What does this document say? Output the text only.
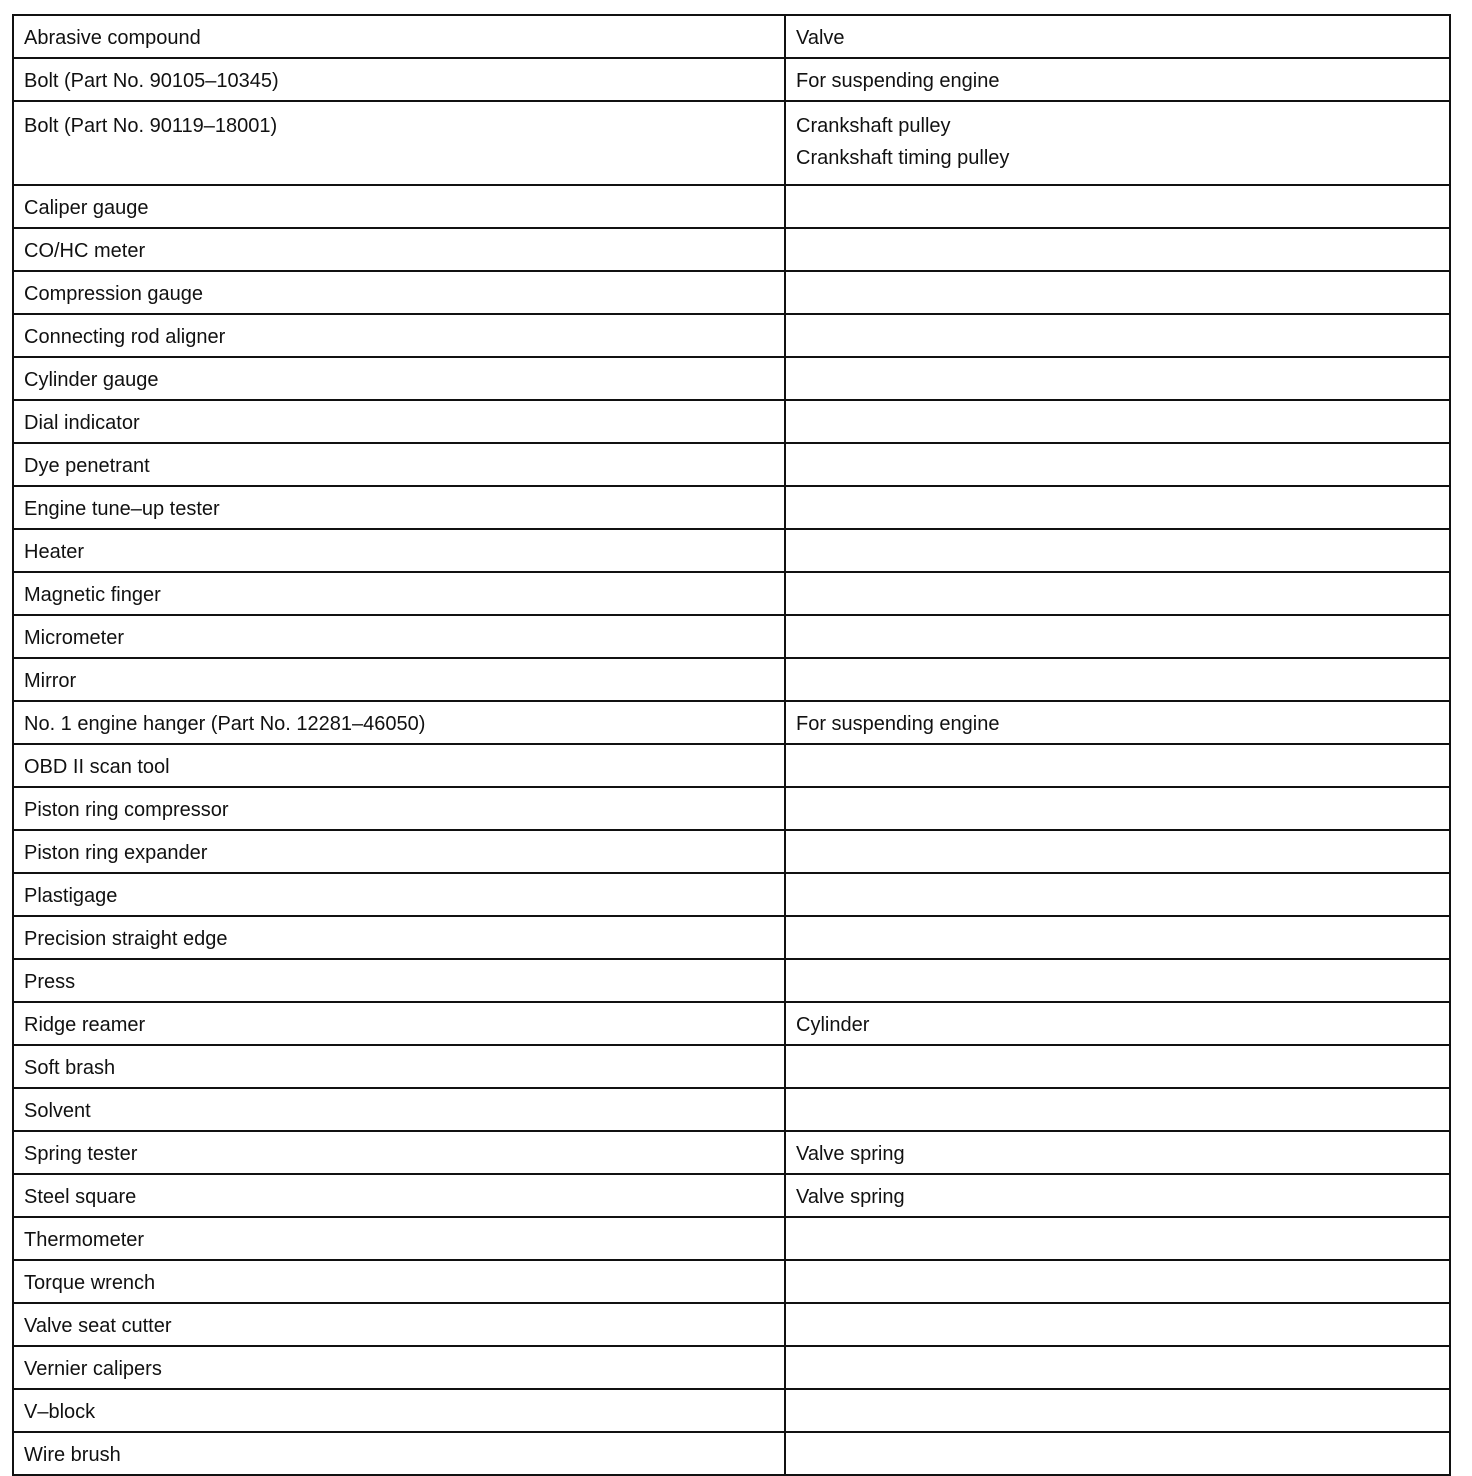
Abrasive compound	Valve

Bolt (Part No. 90105–10345)	For suspending engine

Bolt (Part No. 90119–18001)	Crankshaft pulley
Crankshaft timing pulley

Caliper gauge	
CO/HC meter	
Compression gauge	
Connecting rod aligner	
Cylinder gauge	
Dial indicator	
Dye penetrant	
Engine tune–up tester	
Heater	
Magnetic finger	
Micrometer	
Mirror	
No. 1 engine hanger (Part No. 12281–46050)	For suspending engine

OBD II scan tool	
Piston ring compressor	
Piston ring expander	
Plastigage	
Precision straight edge	
Press	
Ridge reamer	Cylinder

Soft brash	
Solvent	
Spring tester	Valve spring

Steel square	Valve spring

Thermometer	
Torque wrench	
Valve seat cutter	
Vernier calipers	
V–block	
Wire brush	
